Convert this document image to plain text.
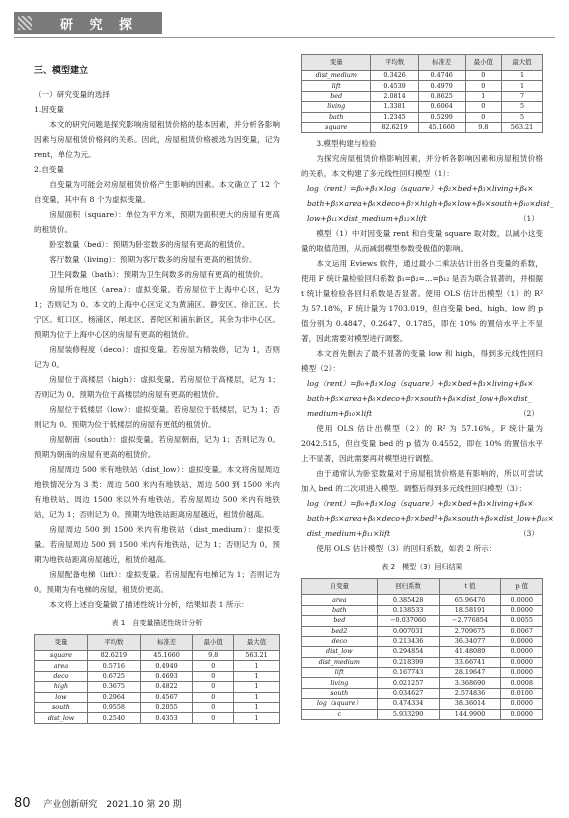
研 究 探 索

三、模型建立

（一）研究变量的选择

1.因变量

本文的研究问题是探究影响房屋租赁价格的基本因素，并分析各影响因素与房屋租赁价格间的关系。因此，房屋租赁价格被选为因变量，记为 rent，单位为元。

2.自变量

自变量为可能会对房屋租赁价格产生影响的因素。本文确立了 12 个自变量，其中有 8 个为虚拟变量。

房屋面积（square）：单位为平方米，预期为面积更大的房屋有更高的租赁价。

卧室数量（bed）：预期为卧室数多的房屋有更高的租赁价。

客厅数量（living）：预期为客厅数多的房屋有更高的租赁价。

卫生间数量（bath）：预期为卫生间数多的房屋有更高的租赁价。

房屋所在地区（area）：虚拟变量。若房屋位于上海中心区，记为 1；否则记为 0。本文的上海中心区定义为黄浦区、静安区、徐汇区、长宁区、虹口区、杨浦区、闸北区、普陀区和浦东新区，其余为非中心区。预期为位于上海中心区的房屋有更高的租赁价。

房屋装修程度（deco）：虚拟变量。若房屋为精装修，记为 1，否则记为 0。

房屋位于高楼层（high）：虚拟变量。若房屋位于高楼层，记为 1；否则记为 0。预期为位于高楼层的房屋有更高的租赁价。

房屋位于低楼层（low）：虚拟变量。若房屋位于低楼层，记为 1；否则记为 0。预期为位于低楼层的房屋有更低的租赁价。

房屋朝南（south）：虚拟变量。若房屋朝南，记为 1；否则记为 0。预期为朝南的房屋有更高的租赁价。

房屋周边 500 米有地铁站（dist_low）：虚拟变量。本文将房屋周边地铁情况分为 3 类：周边 500 米内有地铁站、周边 500 到 1500 米内有地铁站、周边 1500 米以外有地铁站。若房屋周边 500 米内有地铁站，记为 1；否则记为 0。预期为地铁站距离房屋越近，租赁价越高。

房屋周边 500 到 1500 米内有地铁站（dist_medium）：虚拟变量。若房屋周边 500 到 1500 米内有地铁站，记为 1；否则记为 0。预期为地铁站距离房屋越近，租赁价越高。

房屋配备电梯（lift）：虚拟变量。若房屋配有电梯记为 1；否则记为 0。预期为有电梯的房屋，租赁价更高。

本文将上述自变量做了描述性统计分析，结果如表 1 所示：

表 1　自变量描述性统计分析
变量	平均数	标准差	最小值	最大值
square	82.6219	45.1660	9.8	563.21
area	0.5716	0.4949	0	1
deco	0.6725	0.4693	0	1
high	0.3675	0.4822	0	1
low	0.2964	0.4567	0	1
south	0.9558	0.2055	0	1
dist_low	0.2540	0.4353	0	1
变量	平均数	标准差	最小值	最大值
dist_medium	0.3426	0.4746	0	1
lift	0.4539	0.4979	0	1
bed	2.0814	0.8625	1	7
living	1.3381	0.6064	0	5
bath	1.2345	0.5299	0	5
square	82.6219	45.1660	9.8	563.21

3.模型构建与检验

为探究房屋租赁价格影响因素，并分析各影响因素和房屋租赁价格的关系，本文构建了多元线性回归模型（1）：

log（rent）=β₀+β₁×log（square）+β₂×bed+β₃×living+β₄×

bath+β₅×area+β₆×deco+β₇×high+β₈×low+β₉×south+β₁₀×dist_

low+β₁₁×dist_medium+β₁₂×lift	（1）

模型（1）中对因变量 rent 和自变量 square 取对数，以减小这变量的取值范围，从而减弱模型参数受极值的影响。

本文运用 Eviews 软件，通过最小二乘法估计出各自变量的系数，使用 F 统计量检验回归系数 β₁=β₂=…=β₁₂ 是否为联合显著的，并根据 t 统计量检验各回归系数是否显著。使用 OLS 估计出模型（1）的 R² 为 57.18%，F 统计量为 1703.019，但自变量 bed、high、low 的 p 值分别为 0.4847、0.2647、0.1785，即在 10% 的置信水平上不显著，因此需要对模型进行调整。

本文首先删去了最不显著的变量 low 和 high，得到多元线性回归模型（2）：

log（rent）=β₀+β₁×log（square）+β₂×bed+β₃×living+β₄×

bath+β₅×area+β₆×deco+β₇×south+β₈×dist_low+β₉×dist_

medium+β₁₀×lift	（2）

使用 OLS 估计出模型（2）的 R² 为 57.16%，F 统计量为 2042.515，但自变量 bed 的 p 值为 0.4552，即在 10% 的置信水平上不显著，因此需要再对模型进行调整。

由于通常认为卧室数量对于房屋租赁价格是有影响的，所以可尝试加入 bed 的二次项进入模型。调整后得到多元线性回归模型（3）：

log（rent）=β₀+β₁×log（square）+β₂×bed+β₃×living+β₄×

bath+β₅×area+β₆×deco+β₇×bed²+β₈×south+β₉×dist_low+β₁₀×

dist_medium+β₁₁×lift	（3）

使用 OLS 估计模型（3）的回归系数，如表 2 所示：

表 2　模型（3）回归结果
自变量	回归系数	t 值	p 值
area	0.385428	65.96476	0.0000
bath	0.138533	18.58191	0.0000
bed	−0.037060	−2.776854	0.0055
bed2	0.007031	2.709675	0.0067
deco	0.213436	36.34077	0.0000
dist_low	0.294854	41.48089	0.0000
dist_medium	0.218399	33.66741	0.0000
lift	0.167743	28.19647	0.0000
living	0.021257	3.368690	0.0008
south	0.034627	2.574836	0.0100
log（square）	0.474334	38.36014	0.0000
c	5.933290	144.9900	0.0000
80 产业创新研究　2021.10 第 20 期
